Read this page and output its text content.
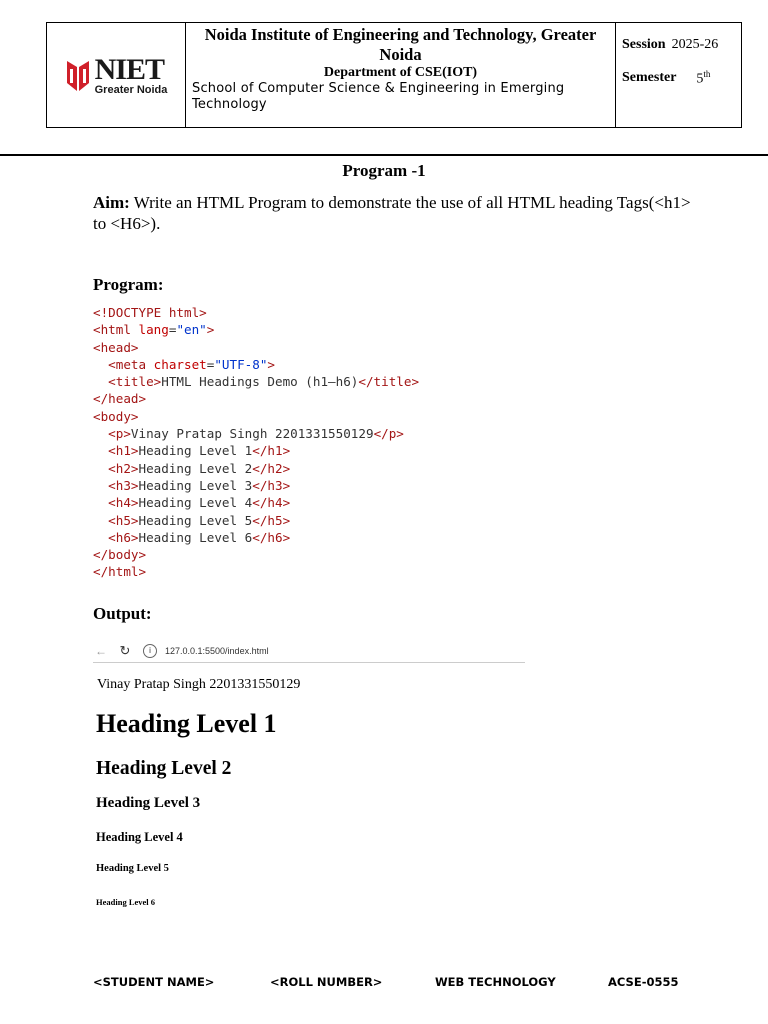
NIET
Greater Noida
Noida Institute of Engineering and Technology, Greater Noida
Department of CSE(IOT)
School of Computer Science & Engineering in Emerging Technology
Session 2025-26
Semester 5th
Program -1
Aim: Write an HTML Program to demonstrate the use of all HTML heading Tags(<h1> to <H6>).
Program:
<!DOCTYPE html>
<html lang="en">
<head>
<meta charset="UTF-8">
<title>HTML Headings Demo (h1–h6)</title>
</head>
<body>
<p>Vinay Pratap Singh 2201331550129</p>
<h1>Heading Level 1</h1>
<h2>Heading Level 2</h2>
<h3>Heading Level 3</h3>
<h4>Heading Level 4</h4>
<h5>Heading Level 5</h5>
<h6>Heading Level 6</h6>
</body>
</html>
Output:
← ↻	i	127.0.0.1:5500/index.html
Vinay Pratap Singh 2201331550129
Heading Level 1
Heading Level 2
Heading Level 3
Heading Level 4
Heading Level 5
Heading Level 6
<STUDENT NAME>	<ROLL NUMBER>	WEB TECHNOLOGY	ACSE-0555
